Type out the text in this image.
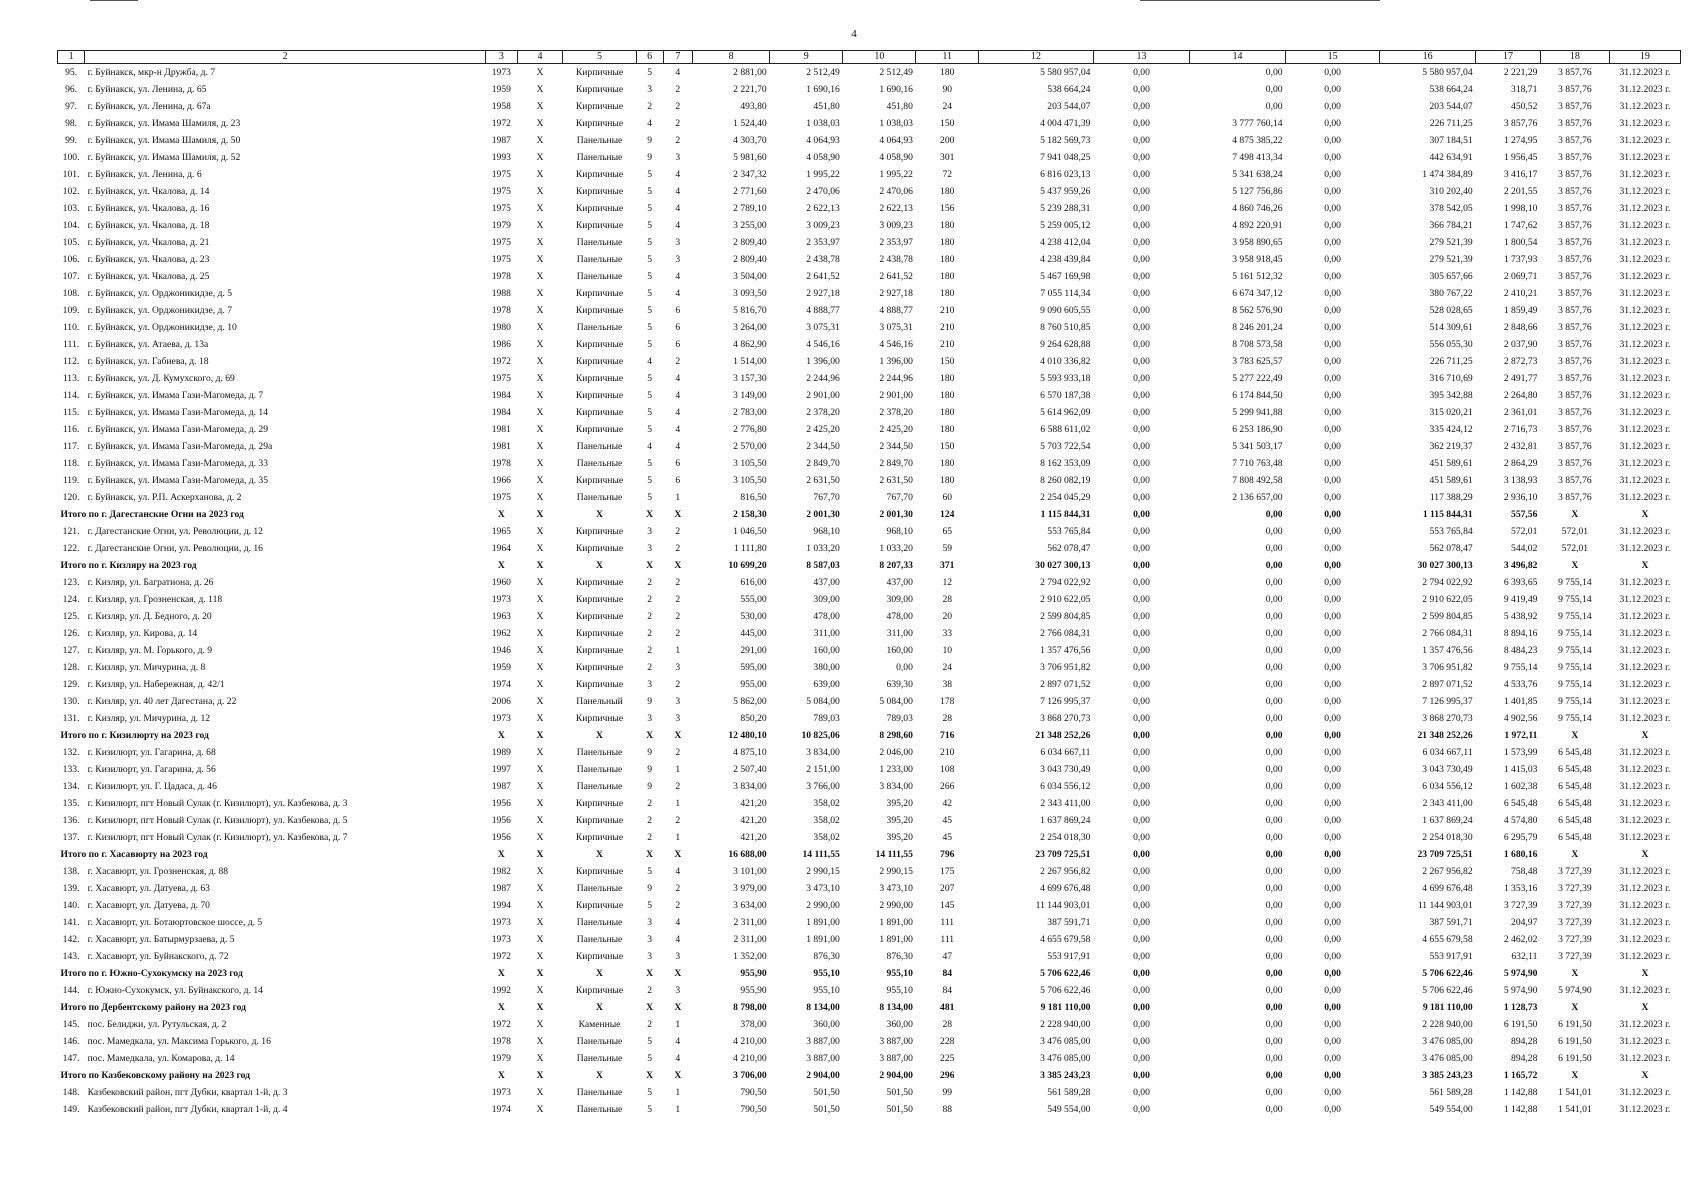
4
1	2	3	4	5	6	7	8	9	10	11	12	13	14	15	16	17	18	19
95.	г. Буйнакск, мкр-н Дружба, д. 7	1973	X	Кирпичные	5	4	2 881,00	2 512,49	2 512,49	180	5 580 957,04	0,00	0,00	0,00	5 580 957,04	2 221,29	3 857,76	31.12.2023 г.
96.	г. Буйнакск, ул. Ленина, д. 65	1959	X	Кирпичные	3	2	2 221,70	1 690,16	1 690,16	90	538 664,24	0,00	0,00	0,00	538 664,24	318,71	3 857,76	31.12.2023 г.
97.	г. Буйнакск, ул. Ленина, д. 67а	1958	X	Кирпичные	2	2	493,80	451,80	451,80	24	203 544,07	0,00	0,00	0,00	203 544,07	450,52	3 857,76	31.12.2023 г.
98.	г. Буйнакск, ул. Имама Шамиля, д. 23	1972	X	Кирпичные	4	2	1 524,40	1 038,03	1 038,03	150	4 004 471,39	0,00	3 777 760,14	0,00	226 711,25	3 857,76	3 857,76	31.12.2023 г.
99.	г. Буйнакск, ул. Имама Шамиля, д. 50	1987	X	Панельные	9	2	4 303,70	4 064,93	4 064,93	200	5 182 569,73	0,00	4 875 385,22	0,00	307 184,51	1 274,95	3 857,76	31.12.2023 г.
100.	г. Буйнакск, ул. Имама Шамиля, д. 52	1993	X	Панельные	9	3	5 981,60	4 058,90	4 058,90	301	7 941 048,25	0,00	7 498 413,34	0,00	442 634,91	1 956,45	3 857,76	31.12.2023 г.
101.	г. Буйнакск, ул. Ленина, д. 6	1975	X	Кирпичные	5	4	2 347,32	1 995,22	1 995,22	72	6 816 023,13	0,00	5 341 638,24	0,00	1 474 384,89	3 416,17	3 857,76	31.12.2023 г.
102.	г. Буйнакск, ул. Чкалова, д. 14	1975	X	Кирпичные	5	4	2 771,60	2 470,06	2 470,06	180	5 437 959,26	0,00	5 127 756,86	0,00	310 202,40	2 201,55	3 857,76	31.12.2023 г.
103.	г. Буйнакск, ул. Чкалова, д. 16	1975	X	Кирпичные	5	4	2 789,10	2 622,13	2 622,13	156	5 239 288,31	0,00	4 860 746,26	0,00	378 542,05	1 998,10	3 857,76	31.12.2023 г.
104.	г. Буйнакск, ул. Чкалова, д. 18	1979	X	Кирпичные	5	4	3 255,00	3 009,23	3 009,23	180	5 259 005,12	0,00	4 892 220,91	0,00	366 784,21	1 747,62	3 857,76	31.12.2023 г.
105.	г. Буйнакск, ул. Чкалова, д. 21	1975	X	Панельные	5	3	2 809,40	2 353,97	2 353,97	180	4 238 412,04	0,00	3 958 890,65	0,00	279 521,39	1 800,54	3 857,76	31.12.2023 г.
106.	г. Буйнакск, ул. Чкалова, д. 23	1975	X	Панельные	5	3	2 809,40	2 438,78	2 438,78	180	4 238 439,84	0,00	3 958 918,45	0,00	279 521,39	1 737,93	3 857,76	31.12.2023 г.
107.	г. Буйнакск, ул. Чкалова, д. 25	1978	X	Панельные	5	4	3 504,00	2 641,52	2 641,52	180	5 467 169,98	0,00	5 161 512,32	0,00	305 657,66	2 069,71	3 857,76	31.12.2023 г.
108.	г. Буйнакск, ул. Орджоникидзе, д. 5	1988	X	Кирпичные	5	4	3 093,50	2 927,18	2 927,18	180	7 055 114,34	0,00	6 674 347,12	0,00	380 767,22	2 410,21	3 857,76	31.12.2023 г.
109.	г. Буйнакск, ул. Орджоникидзе, д. 7	1978	X	Кирпичные	5	6	5 816,70	4 888,77	4 888,77	210	9 090 605,55	0,00	8 562 576,90	0,00	528 028,65	1 859,49	3 857,76	31.12.2023 г.
110.	г. Буйнакск, ул. Орджоникидзе, д. 10	1980	X	Панельные	5	6	3 264,00	3 075,31	3 075,31	210	8 760 510,85	0,00	8 246 201,24	0,00	514 309,61	2 848,66	3 857,76	31.12.2023 г.
111.	г. Буйнакск, ул. Атаева, д. 13а	1986	X	Кирпичные	5	6	4 862,90	4 546,16	4 546,16	210	9 264 628,88	0,00	8 708 573,58	0,00	556 055,30	2 037,90	3 857,76	31.12.2023 г.
112.	г. Буйнакск, ул. Габиева, д. 18	1972	X	Кирпичные	4	2	1 514,00	1 396,00	1 396,00	150	4 010 336,82	0,00	3 783 625,57	0,00	226 711,25	2 872,73	3 857,76	31.12.2023 г.
113.	г. Буйнакск, ул. Д. Кумухского, д. 69	1975	X	Кирпичные	5	4	3 157,30	2 244,96	2 244,96	180	5 593 933,18	0,00	5 277 222,49	0,00	316 710,69	2 491,77	3 857,76	31.12.2023 г.
114.	г. Буйнакск, ул. Имама Гази-Магомеда, д. 7	1984	X	Кирпичные	5	4	3 149,00	2 901,00	2 901,00	180	6 570 187,38	0,00	6 174 844,50	0,00	395 342,88	2 264,80	3 857,76	31.12.2023 г.
115.	г. Буйнакск, ул. Имама Гази-Магомеда, д. 14	1984	X	Кирпичные	5	4	2 783,00	2 378,20	2 378,20	180	5 614 962,09	0,00	5 299 941,88	0,00	315 020,21	2 361,01	3 857,76	31.12.2023 г.
116.	г. Буйнакск, ул. Имама Гази-Магомеда, д. 29	1981	X	Кирпичные	5	4	2 776,80	2 425,20	2 425,20	180	6 588 611,02	0,00	6 253 186,90	0,00	335 424,12	2 716,73	3 857,76	31.12.2023 г.
117.	г. Буйнакск, ул. Имама Гази-Магомеда, д. 29а	1981	X	Панельные	4	4	2 570,00	2 344,50	2 344,50	150	5 703 722,54	0,00	5 341 503,17	0,00	362 219,37	2 432,81	3 857,76	31.12.2023 г.
118.	г. Буйнакск, ул. Имама Гази-Магомеда, д. 33	1978	X	Панельные	5	6	3 105,50	2 849,70	2 849,70	180	8 162 353,09	0,00	7 710 763,48	0,00	451 589,61	2 864,29	3 857,76	31.12.2023 г.
119.	г. Буйнакск, ул. Имама Гази-Магомеда, д. 35	1966	X	Кирпичные	5	6	3 105,50	2 631,50	2 631,50	180	8 260 082,19	0,00	7 808 492,58	0,00	451 589,61	3 138,93	3 857,76	31.12.2023 г.
120.	г. Буйнакск, ул. Р.П. Аскерханова, д. 2	1975	X	Панельные	5	1	816,50	767,70	767,70	60	2 254 045,29	0,00	2 136 657,00	0,00	117 388,29	2 936,10	3 857,76	31.12.2023 г.
Итого по г. Дагестанские Огни на 2023 год		X	X	X	X	X	2 158,30	2 001,30	2 001,30	124	1 115 844,31	0,00	0,00	0,00	1 115 844,31	557,56	X	X
121.	г. Дагестанские Огни, ул. Революции, д. 12	1965	X	Кирпичные	3	2	1 046,50	968,10	968,10	65	553 765,84	0,00	0,00	0,00	553 765,84	572,01	572,01	31.12.2023 г.
122.	г. Дагестанские Огни, ул. Революции, д. 16	1964	X	Кирпичные	3	2	1 111,80	1 033,20	1 033,20	59	562 078,47	0,00	0,00	0,00	562 078,47	544,02	572,01	31.12.2023 г.
Итого по г. Кизляру на 2023 год		X	X	X	X	X	10 699,20	8 587,03	8 207,33	371	30 027 300,13	0,00	0,00	0,00	30 027 300,13	3 496,82	X	X
123.	г. Кизляр, ул. Багратиона, д. 26	1960	X	Кирпичные	2	2	616,00	437,00	437,00	12	2 794 022,92	0,00	0,00	0,00	2 794 022,92	6 393,65	9 755,14	31.12.2023 г.
124.	г. Кизляр, ул. Грозненская, д. 118	1973	X	Кирпичные	2	2	555,00	309,00	309,00	28	2 910 622,05	0,00	0,00	0,00	2 910 622,05	9 419,49	9 755,14	31.12.2023 г.
125.	г. Кизляр, ул. Д. Бедного, д. 20	1963	X	Кирпичные	2	2	530,00	478,00	478,00	20	2 599 804,85	0,00	0,00	0,00	2 599 804,85	5 438,92	9 755,14	31.12.2023 г.
126.	г. Кизляр, ул. Кирова, д. 14	1962	X	Кирпичные	2	2	445,00	311,00	311,00	33	2 766 084,31	0,00	0,00	0,00	2 766 084,31	8 894,16	9 755,14	31.12.2023 г.
127.	г. Кизляр, ул. М. Горького, д. 9	1946	X	Кирпичные	2	1	291,00	160,00	160,00	10	1 357 476,56	0,00	0,00	0,00	1 357 476,56	8 484,23	9 755,14	31.12.2023 г.
128.	г. Кизляр, ул. Мичурина, д. 8	1959	X	Кирпичные	2	3	595,00	380,00	0,00	24	3 706 951,82	0,00	0,00	0,00	3 706 951,82	9 755,14	9 755,14	31.12.2023 г.
129.	г. Кизляр, ул. Набережная, д. 42/1	1974	X	Кирпичные	3	2	955,00	639,00	639,30	38	2 897 071,52	0,00	0,00	0,00	2 897 071,52	4 533,76	9 755,14	31.12.2023 г.
130.	г. Кизляр, ул. 40 лет Дагестана, д. 22	2006	X	Панельный	9	3	5 862,00	5 084,00	5 084,00	178	7 126 995,37	0,00	0,00	0,00	7 126 995,37	1 401,85	9 755,14	31.12.2023 г.
131.	г. Кизляр, ул. Мичурина, д. 12	1973	X	Кирпичные	3	3	850,20	789,03	789,03	28	3 868 270,73	0,00	0,00	0,00	3 868 270,73	4 902,56	9 755,14	31.12.2023 г.
Итого по г. Кизилюрту на 2023 год		X	X	X	X	X	12 480,10	10 825,06	8 298,60	716	21 348 252,26	0,00	0,00	0,00	21 348 252,26	1 972,11	X	X
132.	г. Кизилюрт, ул. Гагарина, д. 68	1989	X	Панельные	9	2	4 875,10	3 834,00	2 046,00	210	6 034 667,11	0,00	0,00	0,00	6 034 667,11	1 573,99	6 545,48	31.12.2023 г.
133.	г. Кизилюрт, ул. Гагарина, д. 56	1997	X	Панельные	9	1	2 507,40	2 151,00	1 233,00	108	3 043 730,49	0,00	0,00	0,00	3 043 730,49	1 415,03	6 545,48	31.12.2023 г.
134.	г. Кизилюрт, ул. Г. Цадаса, д. 46	1987	X	Панельные	9	2	3 834,00	3 766,00	3 834,00	266	6 034 556,12	0,00	0,00	0,00	6 034 556,12	1 602,38	6 545,48	31.12.2023 г.
135.	г. Кизилюрт, пгт Новый Сулак (г. Кизилюрт), ул. Казбекова, д. 3	1956	X	Кирпичные	2	1	421,20	358,02	395,20	42	2 343 411,00	0,00	0,00	0,00	2 343 411,00	6 545,48	6 545,48	31.12.2023 г.
136.	г. Кизилюрт, пгт Новый Сулак (г. Кизилюрт), ул. Казбекова, д. 5	1956	X	Кирпичные	2	2	421,20	358,02	395,20	45	1 637 869,24	0,00	0,00	0,00	1 637 869,24	4 574,80	6 545,48	31.12.2023 г.
137.	г. Кизилюрт, пгт Новый Сулак (г. Кизилюрт), ул. Казбекова, д. 7	1956	X	Кирпичные	2	1	421,20	358,02	395,20	45	2 254 018,30	0,00	0,00	0,00	2 254 018,30	6 295,79	6 545,48	31.12.2023 г.
Итого по г. Хасавюрту на 2023 год		X	X	X	X	X	16 688,00	14 111,55	14 111,55	796	23 709 725,51	0,00	0,00	0,00	23 709 725,51	1 680,16	X	X
138.	г. Хасавюрт, ул. Грозненская, д. 88	1982	X	Кирпичные	5	4	3 101,00	2 990,15	2 990,15	175	2 267 956,82	0,00	0,00	0,00	2 267 956,82	758,48	3 727,39	31.12.2023 г.
139.	г. Хасавюрт, ул. Датуева, д. 63	1987	X	Панельные	9	2	3 979,00	3 473,10	3 473,10	207	4 699 676,48	0,00	0,00	0,00	4 699 676,48	1 353,16	3 727,39	31.12.2023 г.
140.	г. Хасавюрт, ул. Датуева, д. 70	1994	X	Кирпичные	5	2	3 634,00	2 990,00	2 990,00	145	11 144 903,01	0,00	0,00	0,00	11 144 903,01	3 727,39	3 727,39	31.12.2023 г.
141.	г. Хасавюрт, ул. Ботаюртовское шоссе, д. 5	1973	X	Панельные	3	4	2 311,00	1 891,00	1 891,00	111	387 591,71	0,00	0,00	0,00	387 591,71	204,97	3 727,39	31.12.2023 г.
142.	г. Хасавюрт, ул. Батырмурзаева, д. 5	1973	X	Панельные	3	4	2 311,00	1 891,00	1 891,00	111	4 655 679,58	0,00	0,00	0,00	4 655 679,58	2 462,02	3 727,39	31.12.2023 г.
143.	г. Хасавюрт, ул. Буйнакского, д. 72	1972	X	Кирпичные	3	3	1 352,00	876,30	876,30	47	553 917,91	0,00	0,00	0,00	553 917,91	632,11	3 727,39	31.12.2023 г.
Итого по г. Южно-Сухокумску на 2023 год		X	X	X	X	X	955,90	955,10	955,10	84	5 706 622,46	0,00	0,00	0,00	5 706 622,46	5 974,90	X	X
144.	г. Южно-Сухокумск, ул. Буйнакского, д. 14	1992	X	Кирпичные	2	3	955,90	955,10	955,10	84	5 706 622,46	0,00	0,00	0,00	5 706 622,46	5 974,90	5 974,90	31.12.2023 г.
Итого по Дербентскому району на 2023 год		X	X	X	X	X	8 798,00	8 134,00	8 134,00	481	9 181 110,00	0,00	0,00	0,00	9 181 110,00	1 128,73	X	X
145.	пос. Белиджи, ул. Рутульская, д. 2	1972	X	Каменные	2	1	378,00	360,00	360,00	28	2 228 940,00	0,00	0,00	0,00	2 228 940,00	6 191,50	6 191,50	31.12.2023 г.
146.	пос. Мамедкала, ул. Максима Горького, д. 16	1978	X	Панельные	5	4	4 210,00	3 887,00	3 887,00	228	3 476 085,00	0,00	0,00	0,00	3 476 085,00	894,28	6 191,50	31.12.2023 г.
147.	пос. Мамедкала, ул. Комарова, д. 14	1979	X	Панельные	5	4	4 210,00	3 887,00	3 887,00	225	3 476 085,00	0,00	0,00	0,00	3 476 085,00	894,28	6 191,50	31.12.2023 г.
Итого по Казбековскому району на 2023 год		X	X	X	X	X	3 706,00	2 904,00	2 904,00	296	3 385 243,23	0,00	0,00	0,00	3 385 243,23	1 165,72	X	X
148.	Казбековский район, пгт Дубки, квартал 1-й, д. 3	1973	X	Панельные	5	1	790,50	501,50	501,50	99	561 589,28	0,00	0,00	0,00	561 589,28	1 142,88	1 541,01	31.12.2023 г.
149.	Казбековский район, пгт Дубки, квартал 1-й, д. 4	1974	X	Панельные	5	1	790,50	501,50	501,50	88	549 554,00	0,00	0,00	0,00	549 554,00	1 142,88	1 541,01	31.12.2023 г.
